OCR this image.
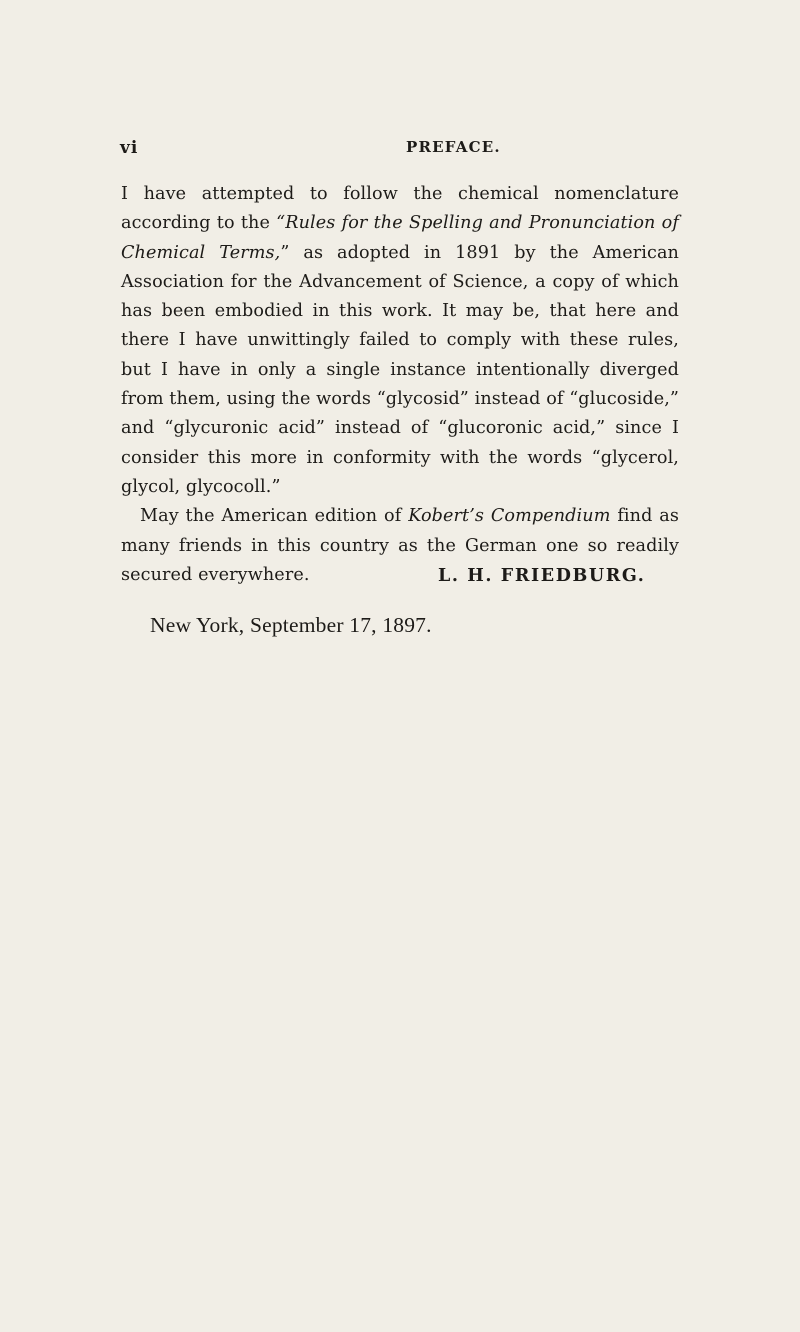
vi	PREFACE.

I have attempted to follow the chemical nomenclature according to the “Rules for the Spelling and Pronunciation of Chemical Terms,” as adopted in 1891 by the American Association for the Advancement of Science, a copy of which has been embodied in this work. It may be, that here and there I have unwittingly failed to comply with these rules, but I have in only a single instance intentionally diverged from them, using the words “glycosid” instead of “glucoside,” and “glycuronic acid” instead of “glucoronic acid,” since I consider this more in conformity with the words “glycerol, glycol, glycocoll.”

May the American edition of Kobert’s Compendium find as many friends in this country as the German one so readily secured everywhere.	L. H. FRIEDBURG.
New York, September 17, 1897.
